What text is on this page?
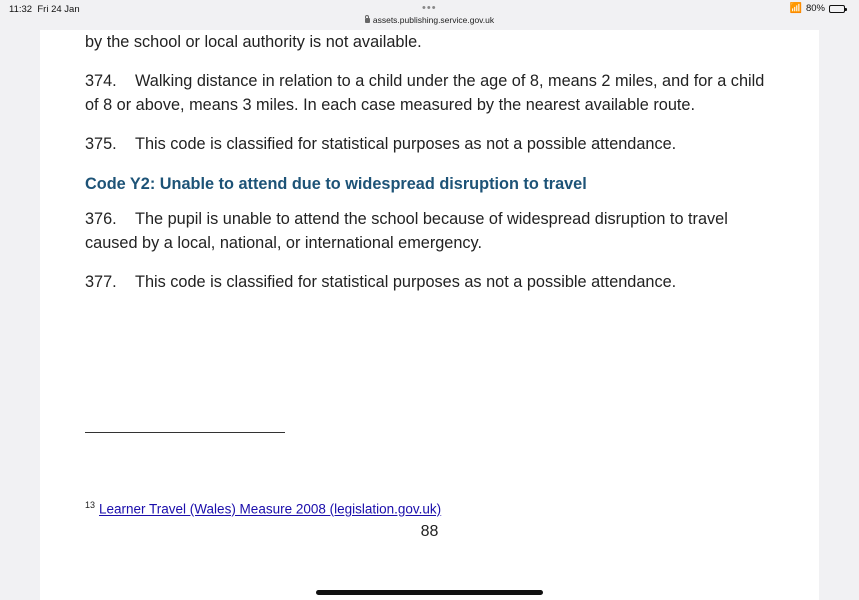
11:32 Fri 24 Jan	•••
assets.publishing.service.gov.uk
📶 80%
by the school or local authority is not available.
374. Walking distance in relation to a child under the age of 8, means 2 miles, and for a child of 8 or above, means 3 miles. In each case measured by the nearest available route.
375. This code is classified for statistical purposes as not a possible attendance.
Code Y2: Unable to attend due to widespread disruption to travel
376. The pupil is unable to attend the school because of widespread disruption to travel caused by a local, national, or international emergency.
377. This code is classified for statistical purposes as not a possible attendance.
$^{13}$ Learner Travel (Wales) Measure 2008 (legislation.gov.uk)
88
